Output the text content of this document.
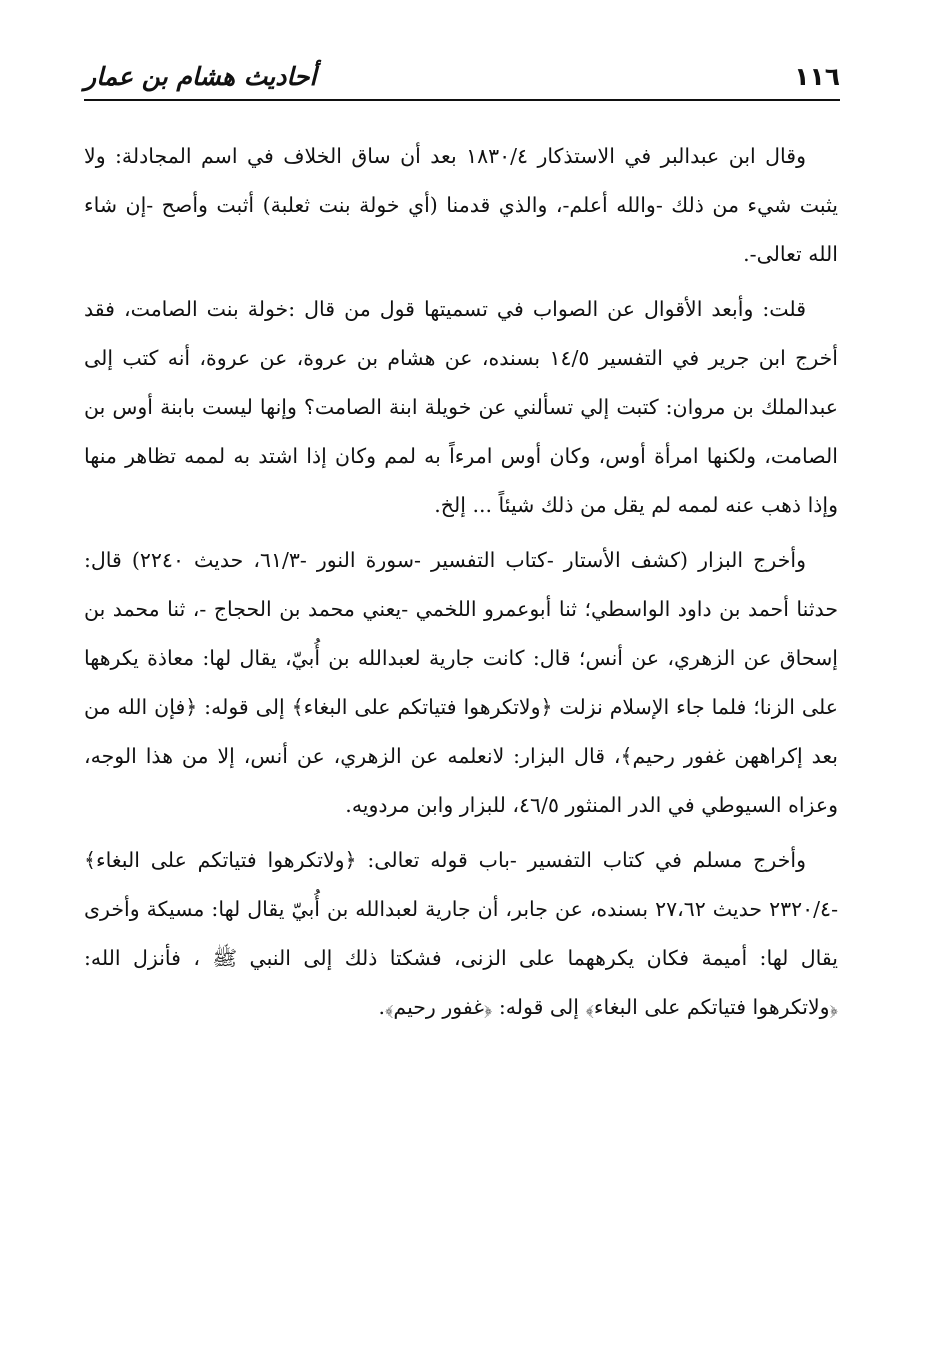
١١٦
أحاديث هشام بن عمار

وقال ابن عبدالبر في الاستذكار ١٨٣٠/٤ بعد أن ساق الخلاف في اسم المجادلة: ولا يثبت شيء من ذلك -والله أعلم-، والذي قدمنا (أي خولة بنت ثعلبة) أثبت وأصح -إن شاء الله تعالى-.

قلت: وأبعد الأقوال عن الصواب في تسميتها قول من قال :خولة بنت الصامت، فقد أخرج ابن جرير في التفسير ١٤/٥ بسنده، عن هشام بن عروة، عن عروة، أنه كتب إلى عبدالملك بن مروان: كتبت إلي تسألني عن خويلة ابنة الصامت؟ وإنها ليست بابنة أوس بن الصامت، ولكنها امرأة أوس، وكان أوس امرءاً به لمم وكان إذا اشتد به لممه تظاهر منها وإذا ذهب عنه لممه لم يقل من ذلك شيئاً ... إلخ.

وأخرج البزار (كشف الأستار -كتاب التفسير -سورة النور -٦١/٣، حديث ٢٢٤٠) قال: حدثنا أحمد بن داود الواسطي؛ ثنا أبوعمرو اللخمي -يعني محمد بن الحجاج -، ثنا محمد بن إسحاق عن الزهري، عن أنس؛ قال: كانت جارية لعبدالله بن أُبيّ، يقال لها: معاذة يكرهها على الزنا؛ فلما جاء الإسلام نزلت ﴿ولاتكرهوا فتياتكم على البغاء﴾ إلى قوله: ﴿فإن الله من بعد إكراههن غفور رحيم﴾، قال البزار: لانعلمه عن الزهري، عن أنس، إلا من هذا الوجه، وعزاه السيوطي في الدر المنثور ٤٦/٥، للبزار وابن مردويه.

وأخرج مسلم في كتاب التفسير -باب قوله تعالى: ﴿ولاتكرهوا فتياتكم على البغاء﴾ -٢٣٢٠/٤ حديث ٢٧،٦٢ بسنده، عن جابر، أن جارية لعبدالله بن أُبيّ يقال لها: مسيكة وأخرى يقال لها: أميمة فكان يكرههما على الزنى، فشكتا ذلك إلى النبي ﷺ ، فأنزل الله: ﴿ولاتكرهوا فتياتكم على البغاء﴾ إلى قوله: ﴿غفور رحيم﴾.
